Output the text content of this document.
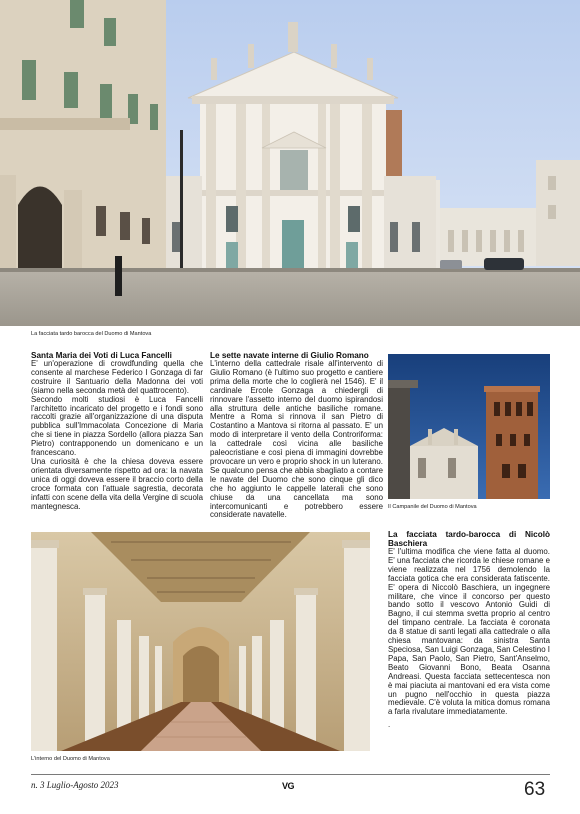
La facciata tardo barocca del Duomo di Mantova

Santa Maria dei Voti di Luca Fancelli

E' un'operazione di crowdfunding quella che consente al marchese Federico I Gonzaga di far costruire il Santuario della Madonna dei voti (siamo nella seconda metà del quattrocento).

Secondo molti studiosi è Luca Fancelli l'architetto incaricato del progetto e i fondi sono raccolti grazie all'organizzazione di una disputa pubblica sull'Immacolata Concezione di Maria che si tiene in piazza Sordello (allora piazza San Pietro) contrapponendo un domenicano e un francescano.

Una curiosità è che la chiesa doveva essere orientata diversamente rispetto ad ora: la navata unica di oggi doveva essere il braccio corto della croce formata con l'attuale sagrestia, decorata infatti con scene della vita della Vergine di scuola mantegnesca.

Le sette navate interne di Giulio Romano

L'interno della cattedrale risale all'intervento di Giulio Romano (è l'ultimo suo progetto e cantiere prima della morte che lo coglierà nel 1546). E' il cardinale Ercole Gonzaga a chiedergli di rinnovare l'assetto interno del duomo ispirandosi alla struttura delle antiche basiliche romane. Mentre a Roma si rinnova il san Pietro di Costantino a Mantova si ritorna al passato. E' un modo di interpretare il vento della Controriforma: la cattedrale così vicina alle basiliche paleocristiane e così piena di immagini dovrebbe provocare un vero e proprio shock in un luterano. Se qualcuno pensa che abbia sbagliato a contare le navate del Duomo che sono cinque gli dico che ho aggiunto le cappelle laterali che sono chiuse da una cancellata ma sono intercomunicanti e potrebbero essere considerate navatelle.

Il Campanile del Duomo di Mantova

La facciata tardo-barocca di Nicolò Baschiera

E' l'ultima modifica che viene fatta al duomo. E' una facciata che ricorda le chiese romane e viene realizzata nel 1756 demolendo la facciata gotica che era considerata fatiscente. E' opera di Niccolò Baschiera, un ingegnere militare, che vince il concorso per questo bando sotto il vescovo Antonio Guidi di Bagno, il cui stemma svetta proprio al centro del timpano centrale. La facciata è coronata da 8 statue di santi legati alla cattedrale o alla chiesa mantovana: da sinistra Santa Speciosa, San Luigi Gonzaga, San Celestino I Papa, San Paolo, San Pietro, Sant'Anselmo, Beato Giovanni Bono, Beata Osanna Andreasi. Questa facciata settecentesca non è mai piaciuta ai mantovani ed era vista come un pugno nell'occhio in questa piazza medievale. C'è voluta la mitica domus romana a farla rivalutare immediatamente.

.

L'interno del Duomo di Mantova
n. 3 Luglio-Agosto 2023	VG	63
